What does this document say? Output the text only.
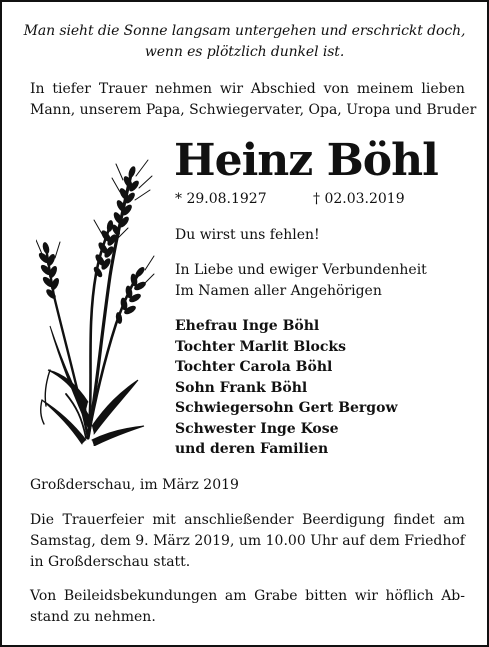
Man sieht die Sonne langsam untergehen und erschrickt doch,
wenn es plötzlich dunkel ist.
In tiefer Trauer nehmen wir Abschied von meinem lieben
Mann, unserem Papa, Schwiegervater, Opa, Uropa und Bruder
Heinz Böhl
* 29.08.1927	† 02.03.2019
Du wirst uns fehlen!
In Liebe und ewiger Verbundenheit
Im Namen aller Angehörigen
Ehefrau Inge Böhl
Tochter Marlit Blocks
Tochter Carola Böhl
Sohn Frank Böhl
Schwiegersohn Gert Bergow
Schwester Inge Kose
und deren Familien
Großderschau, im März 2019
Die Trauerfeier mit anschließender Beerdigung findet am
Samstag, dem 9. März 2019, um 10.00 Uhr auf dem Friedhof
in Großderschau statt.
Von Beileidsbekundungen am Grabe bitten wir höflich Ab-
stand zu nehmen.
